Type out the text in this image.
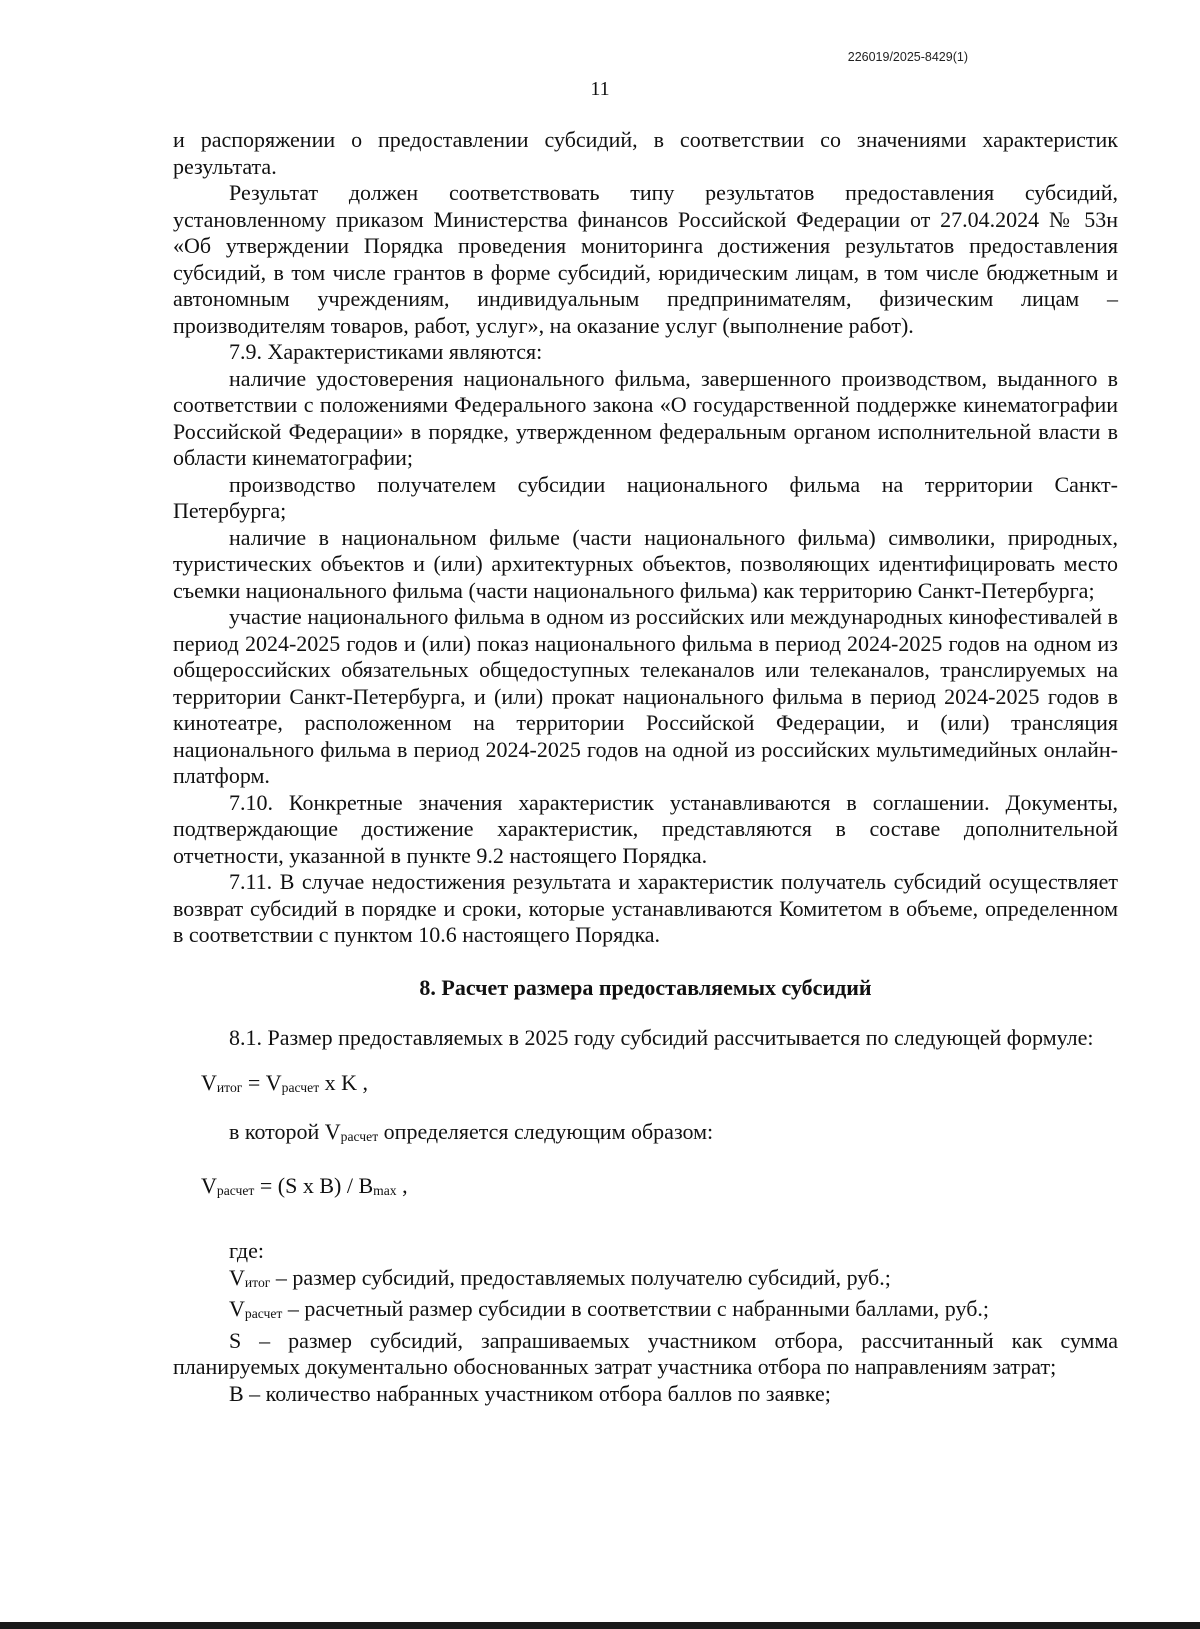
226019/2025-8429(1)
11

и распоряжении о предоставлении субсидий, в соответствии со значениями характеристик результата.

Результат должен соответствовать типу результатов предоставления субсидий, установленному приказом Министерства финансов Российской Федерации от 27.04.2024 № 53н «Об утверждении Порядка проведения мониторинга достижения результатов предоставления субсидий, в том числе грантов в форме субсидий, юридическим лицам, в том числе бюджетным и автономным учреждениям, индивидуальным предпринимателям, физическим лицам – производителям товаров, работ, услуг», на оказание услуг (выполнение работ).

7.9. Характеристиками являются:

наличие удостоверения национального фильма, завершенного производством, выданного в соответствии с положениями Федерального закона «О государственной поддержке кинематографии Российской Федерации» в порядке, утвержденном федеральным органом исполнительной власти в области кинематографии;

производство получателем субсидии национального фильма на территории Санкт-Петербурга;

наличие в национальном фильме (части национального фильма) символики, природных, туристических объектов и (или) архитектурных объектов, позволяющих идентифицировать место съемки национального фильма (части национального фильма) как территорию Санкт-Петербурга;

участие национального фильма в одном из российских или международных кинофестивалей в период 2024-2025 годов и (или) показ национального фильма в период 2024-2025 годов на одном из общероссийских обязательных общедоступных телеканалов или телеканалов, транслируемых на территории Санкт-Петербурга, и (или) прокат национального фильма в период 2024-2025 годов в кинотеатре, расположенном на территории Российской Федерации, и (или) трансляция национального фильма в период 2024-2025 годов на одной из российских мультимедийных онлайн-платформ.

7.10. Конкретные значения характеристик устанавливаются в соглашении. Документы, подтверждающие достижение характеристик, представляются в составе дополнительной отчетности, указанной в пункте 9.2 настоящего Порядка.

7.11. В случае недостижения результата и характеристик получатель субсидий осуществляет возврат субсидий в порядке и сроки, которые устанавливаются Комитетом в объеме, определенном в соответствии с пунктом 10.6 настоящего Порядка.

8. Расчет размера предоставляемых субсидий

8.1. Размер предоставляемых в 2025 году субсидий рассчитывается по следующей формуле:

$V_{итог} = V_{расчет}$ x K ,

в которой $V_{расчет}$ определяется следующим образом:

$V_{расчет} = (S$ x $B) / B_{max}$ ,

где:

$V_{итог}$ – размер субсидий, предоставляемых получателю субсидий, руб.;

$V_{расчет}$ – расчетный размер субсидии в соответствии с набранными баллами, руб.;

S – размер субсидий, запрашиваемых участником отбора, рассчитанный как сумма планируемых документально обоснованных затрат участника отбора по направлениям затрат;

B – количество набранных участником отбора баллов по заявке;
